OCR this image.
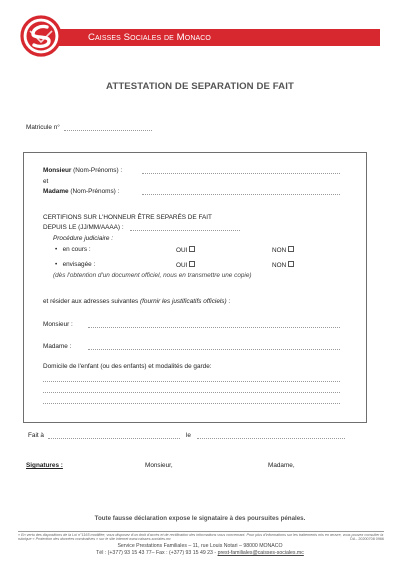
Caisses Sociales de Monaco
ATTESTATION DE SEPARATION DE FAIT
Matricule n°
Monsieur (Nom-Prénoms) :
et
Madame (Nom-Prénoms) :
CERTIFIONS SUR L'HONNEUR ÊTRE SEPARÉS DE FAIT
DEPUIS LE (JJ/MM/AAAA) :
Procédure judiciaire :
•   en cours :	OUI	NON
•   envisagée :	OUI	NON
(dès l'obtention d'un document officiel, nous en transmettre une copie)
et résider aux adresses suivantes (fournir les justificatifs officiels) :
Monsieur :
Madame :
Domicile de l'enfant (ou des enfants) et modalités de garde:
Fait à	le
Signatures :	Monsieur,	Madame,
Toute fausse déclaration expose le signataire à des poursuites pénales.
« En vertu des dispositions de la Loi n°1165 modifiée, vous disposez d'un droit d'accès et de rectification des informations vous concernant. Pour plus d'informations sur les traitements mis en œuvre, vous pouvez consulter la rubrique « Protection des données nominatives » sur le site internet www.caisses-sociales.mc	DA - 20200708 0966
Service Prestations Familiales – 11, rue Louis Notari – 98000 MONACO
Tél : (+377) 93 15 43 77– Fax : (+377) 93 15 49 23 - prest-familiales@caisses-sociales.mc
